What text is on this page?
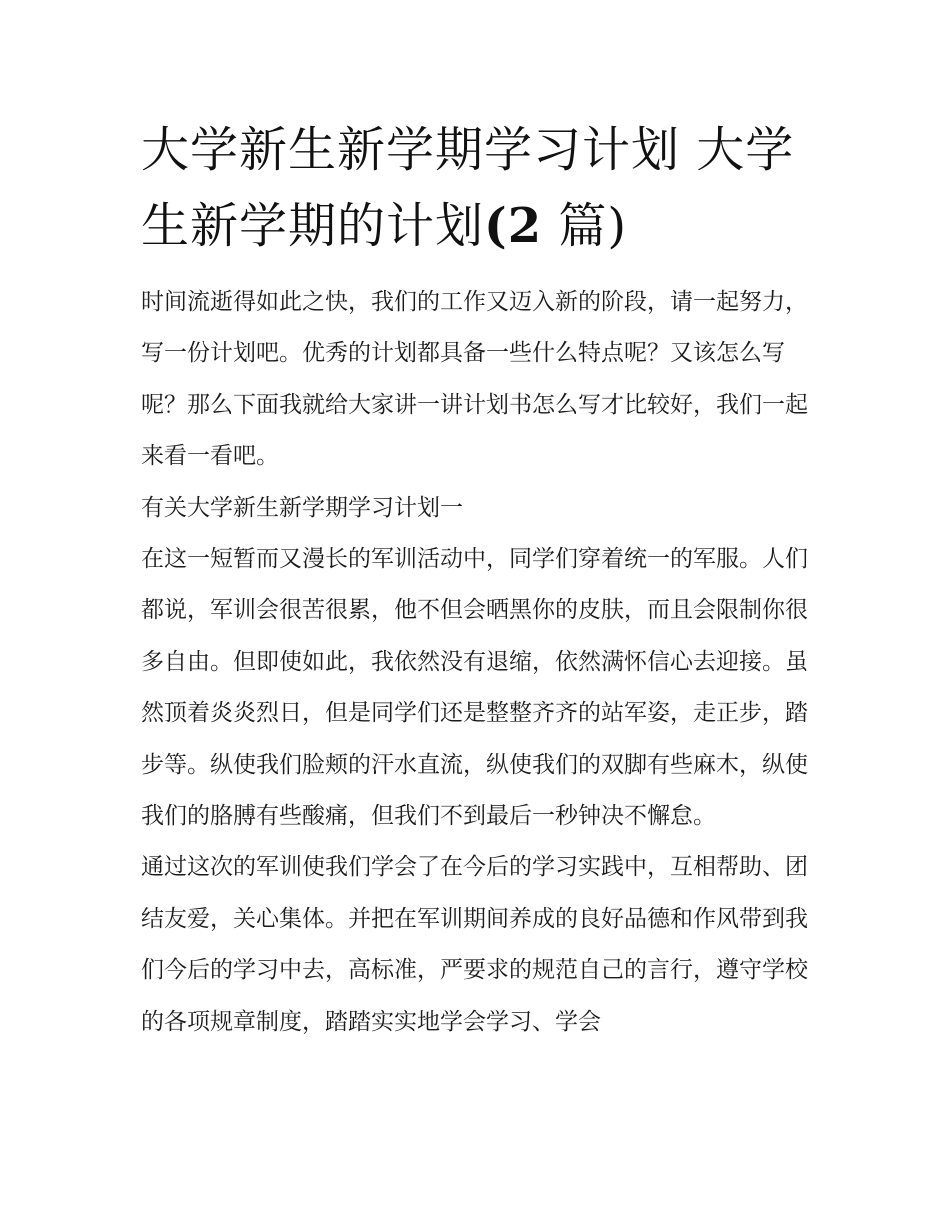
大学新生新学期学习计划 大学生新学期的计划(2 篇)

时间流逝得如此之快，我们的工作又迈入新的阶段，请一起努力，写一份计划吧。优秀的计划都具备一些什么特点呢？又该怎么写呢？那么下面我就给大家讲一讲计划书怎么写才比较好，我们一起来看一看吧。

有关大学新生新学期学习计划一

在这一短暂而又漫长的军训活动中，同学们穿着统一的军服。人们都说，军训会很苦很累，他不但会晒黑你的皮肤，而且会限制你很多自由。但即使如此，我依然没有退缩，依然满怀信心去迎接。虽然顶着炎炎烈日，但是同学们还是整整齐齐的站军姿，走正步，踏步等。纵使我们脸颊的汗水直流，纵使我们的双脚有些麻木，纵使我们的胳膊有些酸痛，但我们不到最后一秒钟决不懈怠。

通过这次的军训使我们学会了在今后的学习实践中，互相帮助、团结友爱，关心集体。并把在军训期间养成的良好品德和作风带到我们今后的学习中去，高标准，严要求的规范自己的言行，遵守学校的各项规章制度，踏踏实实地学会学习、学会
